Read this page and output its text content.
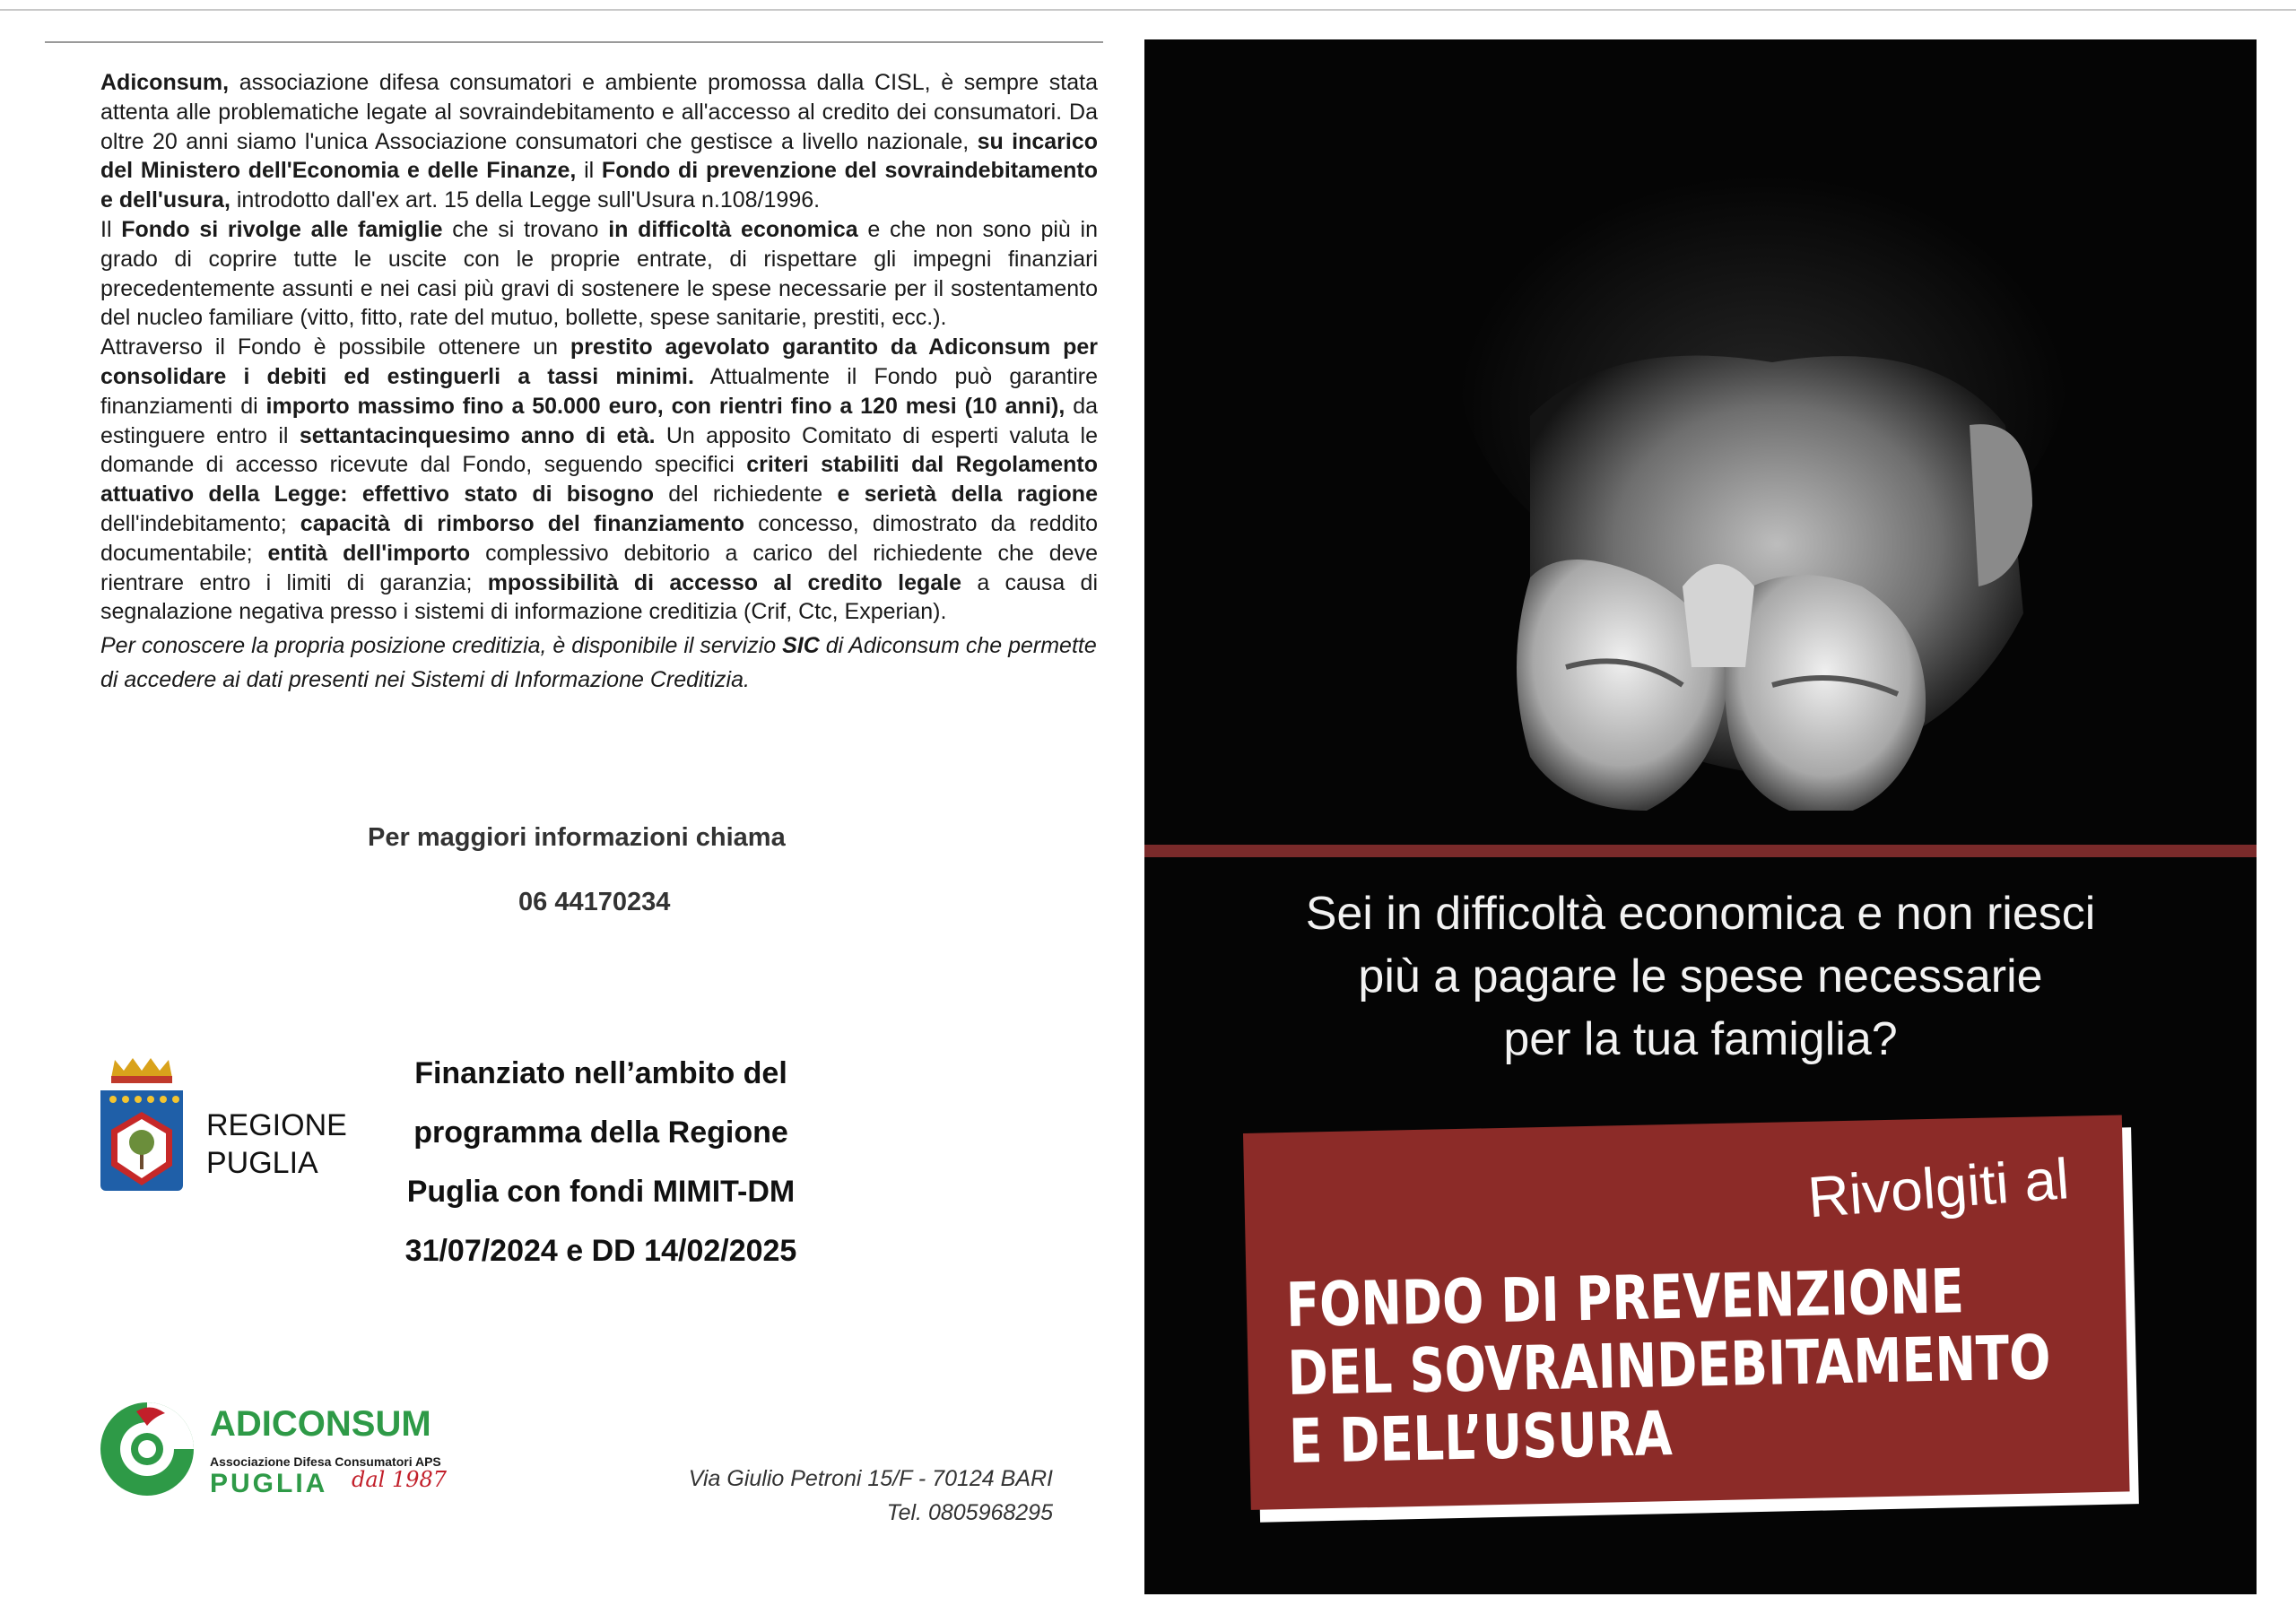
Adiconsum, associazione difesa consumatori e ambiente promossa dalla CISL, è sempre stata attenta alle problematiche legate al sovraindebitamento e all'accesso al credito dei consumatori. Da oltre 20 anni siamo l'unica Associazione consumatori che gestisce a livello nazionale, su incarico del Ministero dell'Economia e delle Finanze, il Fondo di prevenzione del sovraindebitamento e dell'usura, introdotto dall'ex art. 15 della Legge sull'Usura n.108/1996.

Il Fondo si rivolge alle famiglie che si trovano in difficoltà economica e che non sono più in grado di coprire tutte le uscite con le proprie entrate, di rispettare gli impegni finanziari precedentemente assunti e nei casi più gravi di sostenere le spese necessarie per il sostentamento del nucleo familiare (vitto, fitto, rate del mutuo, bollette, spese sanitarie, prestiti, ecc.).

Attraverso il Fondo è possibile ottenere un prestito agevolato garantito da Adiconsum per consolidare i debiti ed estinguerli a tassi minimi. Attualmente il Fondo può garantire finanziamenti di importo massimo fino a 50.000 euro, con rientri fino a 120 mesi (10 anni), da estinguere entro il settantacinquesimo anno di età. Un apposito Comitato di esperti valuta le domande di accesso ricevute dal Fondo, seguendo specifici criteri stabiliti dal Regolamento attuativo della Legge: effettivo stato di bisogno del richiedente e serietà della ragione dell'indebitamento; capacità di rimborso del finanziamento concesso, dimostrato da reddito documentabile; entità dell'importo complessivo debitorio a carico del richiedente che deve rientrare entro i limiti di garanzia; mpossibilità di accesso al credito legale a causa di segnalazione negativa presso i sistemi di informazione creditizia (Crif, Ctc, Experian).

Per conoscere la propria posizione creditizia, è disponibile il servizio SIC di Adiconsum che permette di accedere ai dati presenti nei Sistemi di Informazione Creditizia.

Per maggiori informazioni chiama
06 44170234
REGIONE
PUGLIA
Finanziato nell’ambito del
programma della Regione
Puglia con fondi MIMIT-DM
31/07/2024 e DD 14/02/2025
ADICONSUM
Associazione Difesa Consumatori APS
PUGLIA dal 1987	Via Giulio Petroni 15/F - 70124 BARI
Tel. 0805968295
Sei in difficoltà economica e non riesci
più a pagare le spese necessarie
per la tua famiglia?
Rivolgiti al
FONDO DI PREVENZIONE
DEL SOVRAINDEBITAMENTO
E DELL’USURA
